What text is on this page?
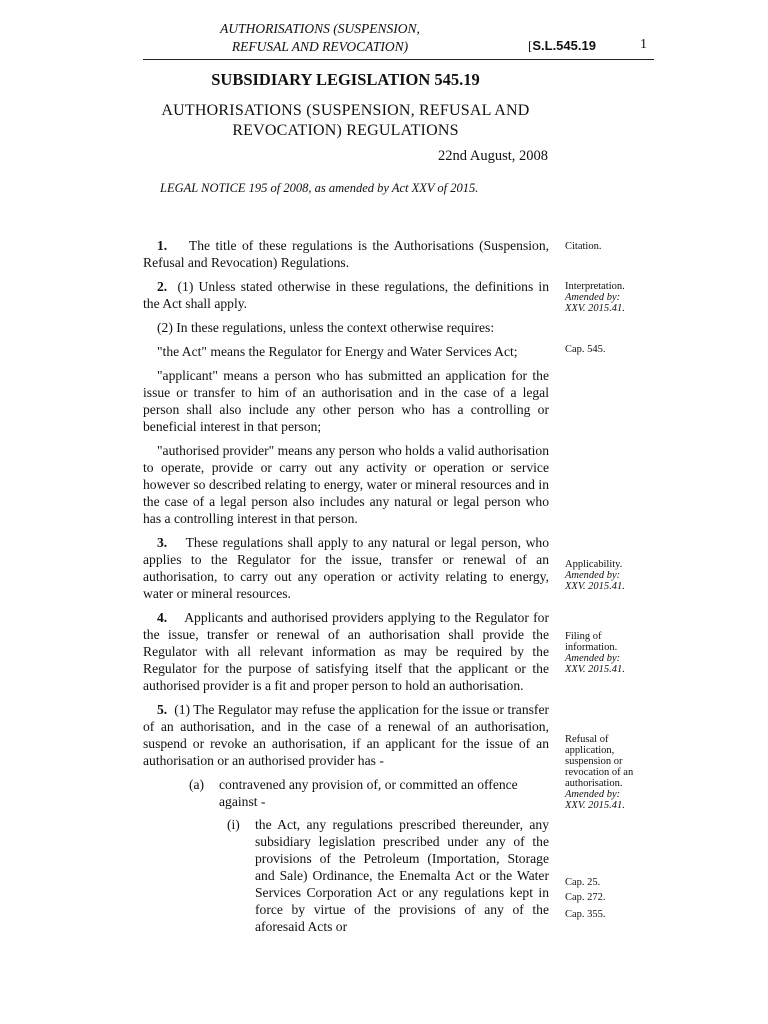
AUTHORISATIONS (SUSPENSION,
REFUSAL AND REVOCATION)	[S.L.545.19	1
SUBSIDIARY LEGISLATION 545.19
AUTHORISATIONS (SUSPENSION, REFUSAL AND
REVOCATION) REGULATIONS
22nd August, 2008
LEGAL NOTICE 195 of 2008, as amended by Act XXV of 2015.

1. The title of these regulations is the Authorisations (Suspension, Refusal and Revocation) Regulations.

2. (1) Unless stated otherwise in these regulations, the definitions in the Act shall apply.

(2) In these regulations, unless the context otherwise requires:

"the Act" means the Regulator for Energy and Water Services Act;

"applicant" means a person who has submitted an application for the issue or transfer to him of an authorisation and in the case of a legal person shall also include any other person who has a controlling or beneficial interest in that person;

"authorised provider" means any person who holds a valid authorisation to operate, provide or carry out any activity or operation or service however so described relating to energy, water or mineral resources and in the case of a legal person also includes any natural or legal person who has a controlling interest in that person.

3. These regulations shall apply to any natural or legal person, who applies to the Regulator for the issue, transfer or renewal of an authorisation, to carry out any operation or activity relating to energy, water or mineral resources.

4. Applicants and authorised providers applying to the Regulator for the issue, transfer or renewal of an authorisation shall provide the Regulator with all relevant information as may be required by the Regulator for the purpose of satisfying itself that the applicant or the authorised provider is a fit and proper person to hold an authorisation.

5. (1) The Regulator may refuse the application for the issue or transfer of an authorisation, and in the case of a renewal of an authorisation, suspend or revoke an authorisation, if an applicant for the issue of an authorisation or an authorised provider has -

(a)	contravened any provision of, or committed an offence against -
(i)	the Act, any regulations prescribed thereunder, any subsidiary legislation prescribed under any of the provisions of the Petroleum (Importation, Storage and Sale) Ordinance, the Enemalta Act or the Water Services Corporation Act or any regulations kept in force by virtue of the provisions of any of the aforesaid Acts or
Citation.
Interpretation.
Amended by:
XXV. 2015.41.
Cap. 545.
Applicability.
Amended by:
XXV. 2015.41.
Filing of
information.
Amended by:
XXV. 2015.41.
Refusal of
application,
suspension or
revocation of an
authorisation.
Amended by:
XXV. 2015.41.
Cap. 25.
Cap. 272.
Cap. 355.
